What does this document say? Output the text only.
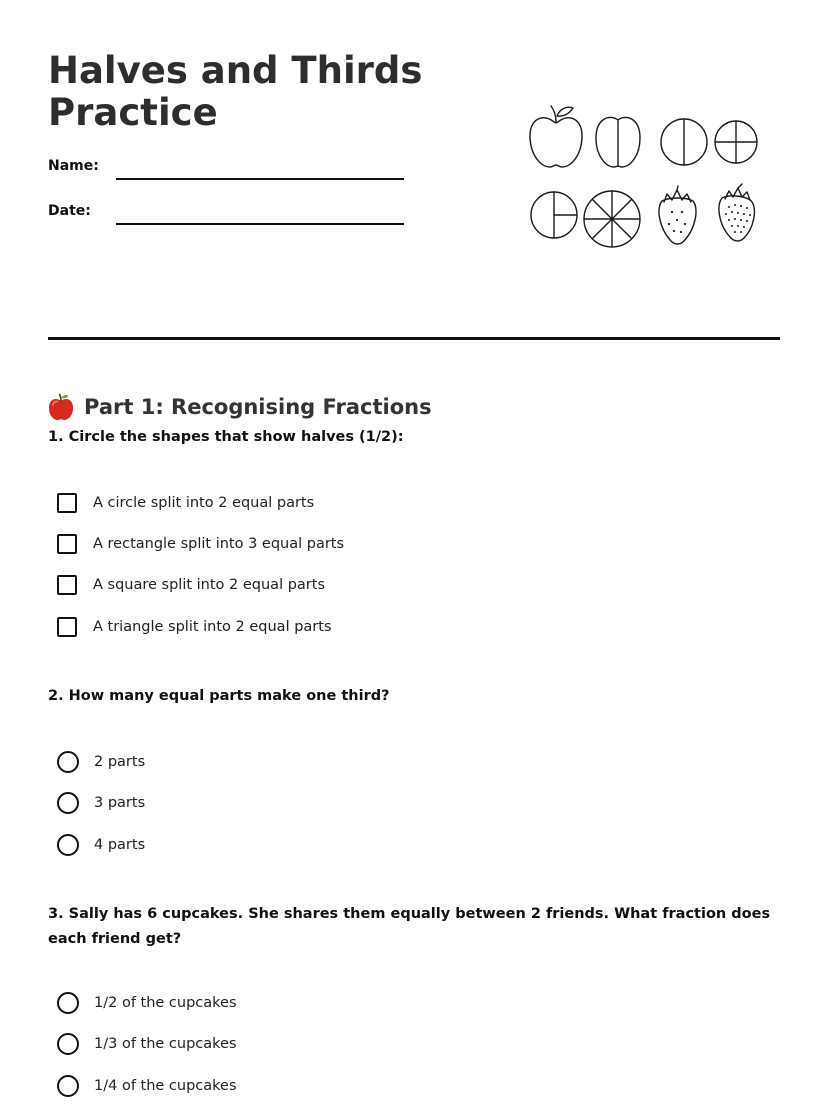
Halves and Thirds Practice
Name:
Date:
Part 1: Recognising Fractions

1. Circle the shapes that show halves (1/2):

A circle split into 2 equal parts
A rectangle split into 3 equal parts
A square split into 2 equal parts
A triangle split into 2 equal parts

2. How many equal parts make one third?

2 parts
3 parts
4 parts

3. Sally has 6 cupcakes. She shares them equally between 2 friends. What fraction does each friend get?

1/2 of the cupcakes
1/3 of the cupcakes
1/4 of the cupcakes
